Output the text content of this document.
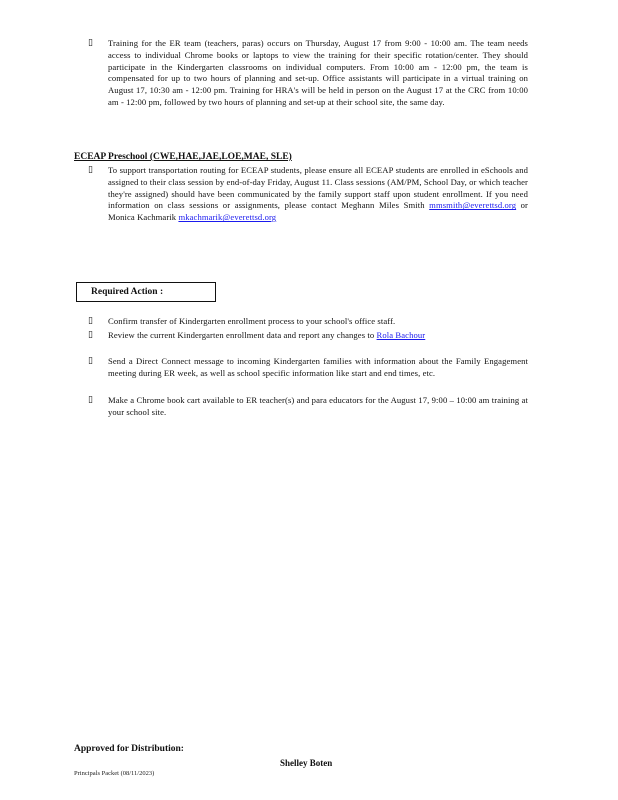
▯ Training for the ER team (teachers, paras) occurs on Thursday, August 17 from 9:00 - 10:00 am. The team needs access to individual Chrome books or laptops to view the training for their specific rotation/center. They should participate in the Kindergarten classrooms on individual computers. From 10:00 am - 12:00 pm, the team is compensated for up to two hours of planning and set-up. Office assistants will participate in a virtual training on August 17, 10:30 am - 12:00 pm. Training for HRA's will be held in person on the August 17 at the CRC from 10:00 am - 12:00 pm, followed by two hours of planning and set-up at their school site, the same day.
ECEAP Preschool (CWE,HAE,JAE,LOE,MAE, SLE)
▯ To support transportation routing for ECEAP students, please ensure all ECEAP students are enrolled in eSchools and assigned to their class session by end-of-day Friday, August 11. Class sessions (AM/PM, School Day, or which teacher they're assigned) should have been communicated by the family support staff upon student enrollment. If you need information on class sessions or assignments, please contact Meghann Miles Smith mmsmith@everettsd.org or Monica Kachmarik mkachmarik@everettsd.org
Required Action :
▯ Confirm transfer of Kindergarten enrollment process to your school's office staff.
▯ Review the current Kindergarten enrollment data and report any changes to Rola Bachour
▯ Send a Direct Connect message to incoming Kindergarten families with information about the Family Engagement meeting during ER week, as well as school specific information like start and end times, etc.
▯ Make a Chrome book cart available to ER teacher(s) and para educators for the August 17, 9:00 – 10:00 am training at your school site.
Approved for Distribution:
Shelley Boten
Principals Packet (08/11/2023)
